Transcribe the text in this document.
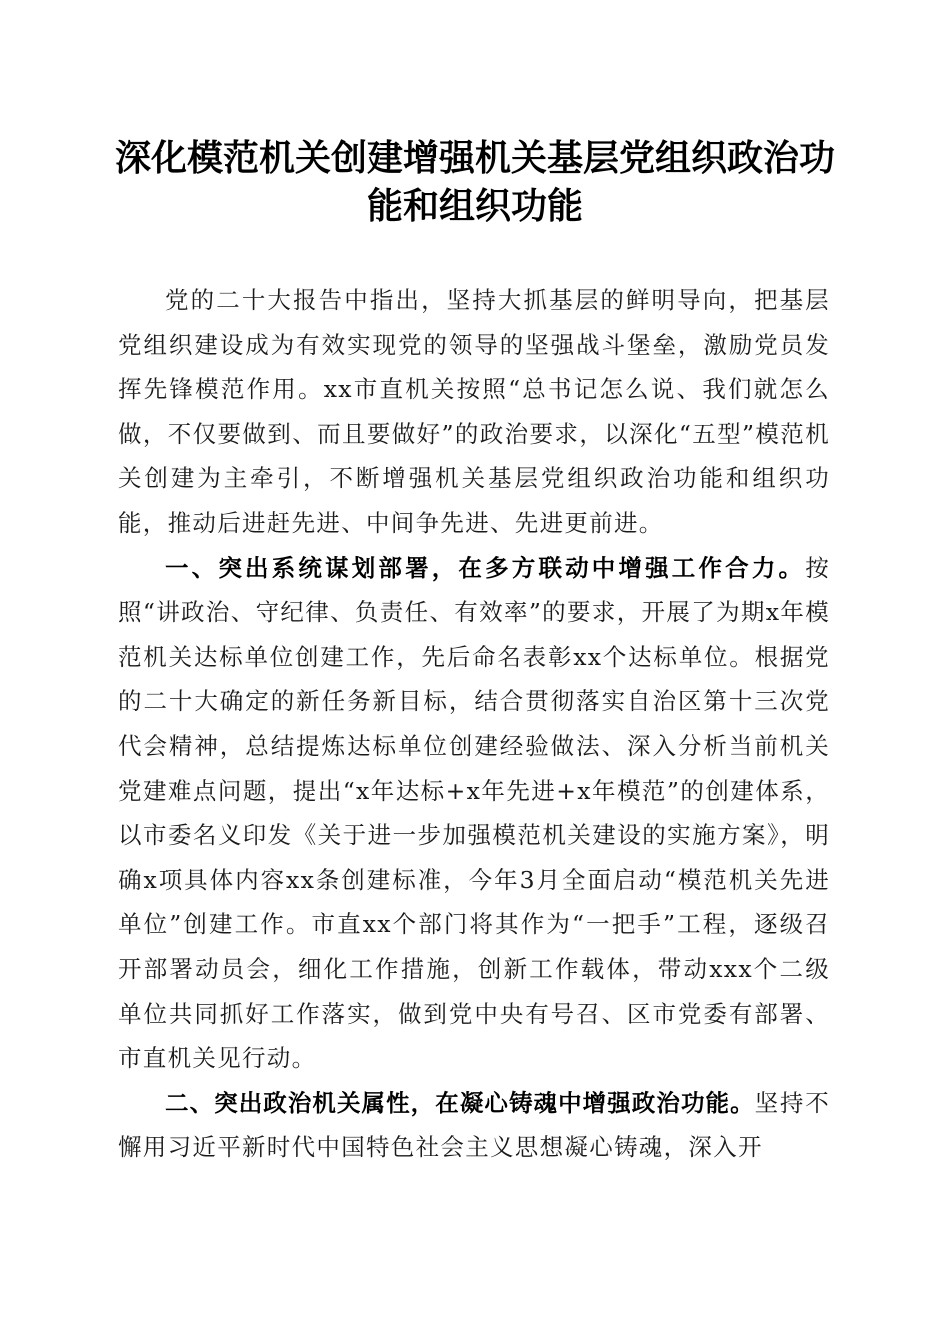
深化模范机关创建增强机关基层党组织政治功能和组织功能

党的二十大报告中指出，坚持大抓基层的鲜明导向，把基层党组织建设成为有效实现党的领导的坚强战斗堡垒，激励党员发挥先锋模范作用。xx市直机关按照“总书记怎么说、我们就怎么做，不仅要做到、而且要做好”的政治要求，以深化“五型”模范机关创建为主牵引，不断增强机关基层党组织政治功能和组织功能，推动后进赶先进、中间争先进、先进更前进。

一、突出系统谋划部署，在多方联动中增强工作合力。按照“讲政治、守纪律、负责任、有效率”的要求，开展了为期x年模范机关达标单位创建工作，先后命名表彰xx个达标单位。根据党的二十大确定的新任务新目标，结合贯彻落实自治区第十三次党代会精神，总结提炼达标单位创建经验做法、深入分析当前机关党建难点问题，提出“x年达标+x年先进+x年模范”的创建体系，以市委名义印发《关于进一步加强模范机关建设的实施方案》，明确x项具体内容xx条创建标准，今年3月全面启动“模范机关先进单位”创建工作。市直xx个部门将其作为“一把手”工程，逐级召开部署动员会，细化工作措施，创新工作载体，带动xxx个二级单位共同抓好工作落实，做到党中央有号召、区市党委有部署、市直机关见行动。

二、突出政治机关属性，在凝心铸魂中增强政治功能。坚持不懈用习近平新时代中国特色社会主义思想凝心铸魂，深入开
